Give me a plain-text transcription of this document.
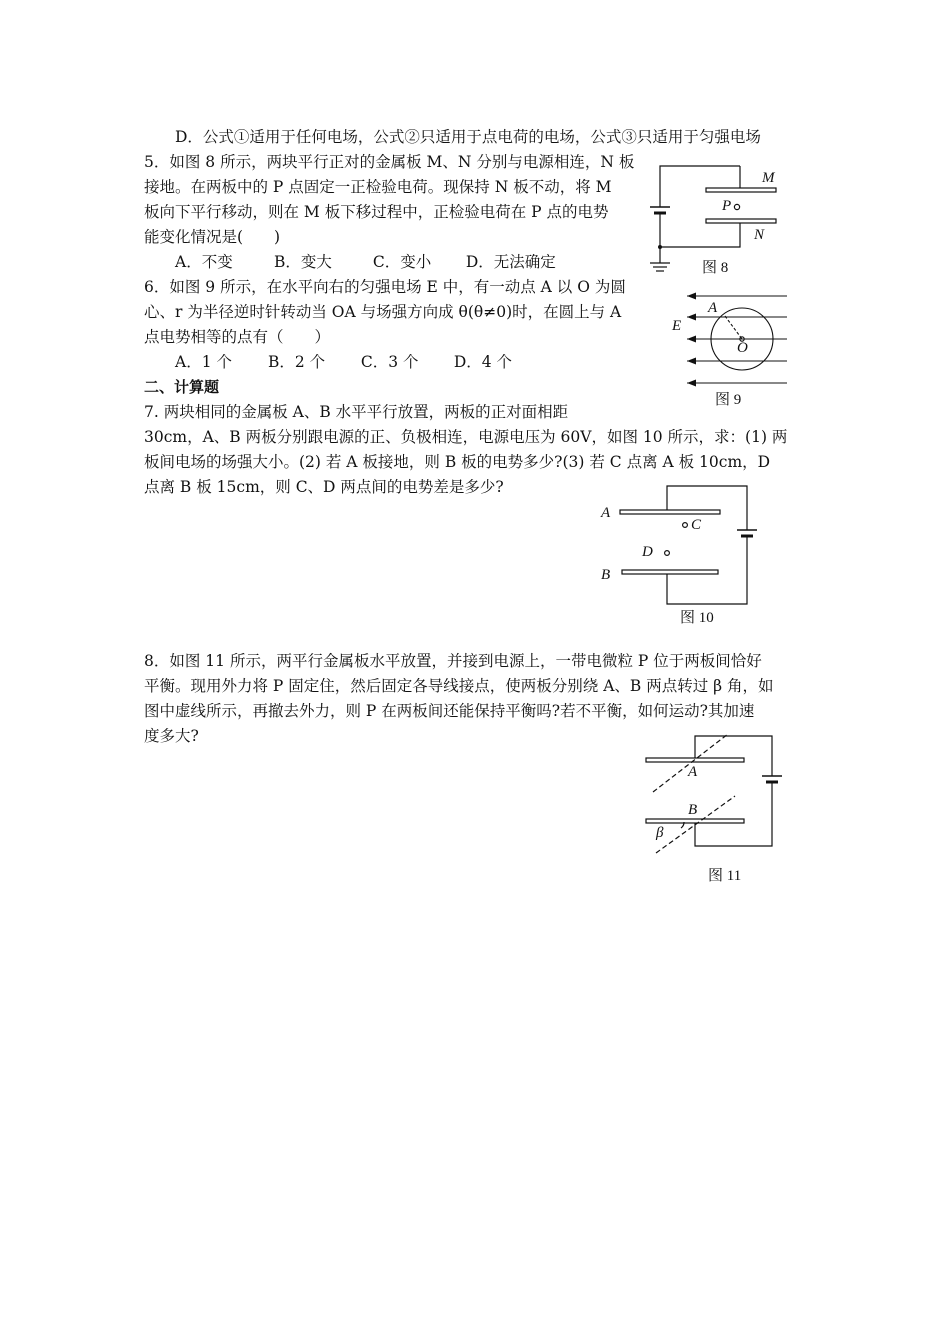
D．公式①适用于任何电场，公式②只适用于点电荷的电场，公式③只适用于匀强电场
5．如图 8 所示，两块平行正对的金属板 M、N 分别与电源相连，N 板
接地。在两板中的 P 点固定一正检验电荷。现保持 N 板不动，将 M
板向下平行移动，则在 M 板下移过程中，正检验电荷在 P 点的电势
能变化情况是(　　)
A．不变	B．变大	C．变小 D．无法确定
6．如图 9 所示，在水平向右的匀强电场 E 中，有一动点 A 以 O 为圆
心、r 为半径逆时针转动当 OA 与场强方向成 θ(θ≠0)时，在圆上与 A
点电势相等的点有（　　）
A．1 个 B．2 个 C．3 个 D．4 个
二、计算题
7. 两块相同的金属板 A、B 水平平行放置，两板的正对面相距
30cm，A、B 两板分别跟电源的正、负极相连，电源电压为 60V，如图 10 所示，求：(1) 两
板间电场的场强大小。(2) 若 A 板接地，则 B 板的电势多少?(3) 若 C 点离 A 板 10cm，D
点离 B 板 15cm，则 C、D 两点间的电势差是多少?
8．如图 11 所示，两平行金属板水平放置，并接到电源上，一带电微粒 P 位于两板间恰好
平衡。现用外力将 P 固定住，然后固定各导线接点，使两板分别绕 A、B 两点转过 β 角，如
图中虚线所示，再撤去外力，则 P 在两板间还能保持平衡吗?若不平衡，如何运动?其加速
度多大?
M
P
N
图 8
A
E
O
图 9
A
C
D
B
图 10
A
B
β
图 11
